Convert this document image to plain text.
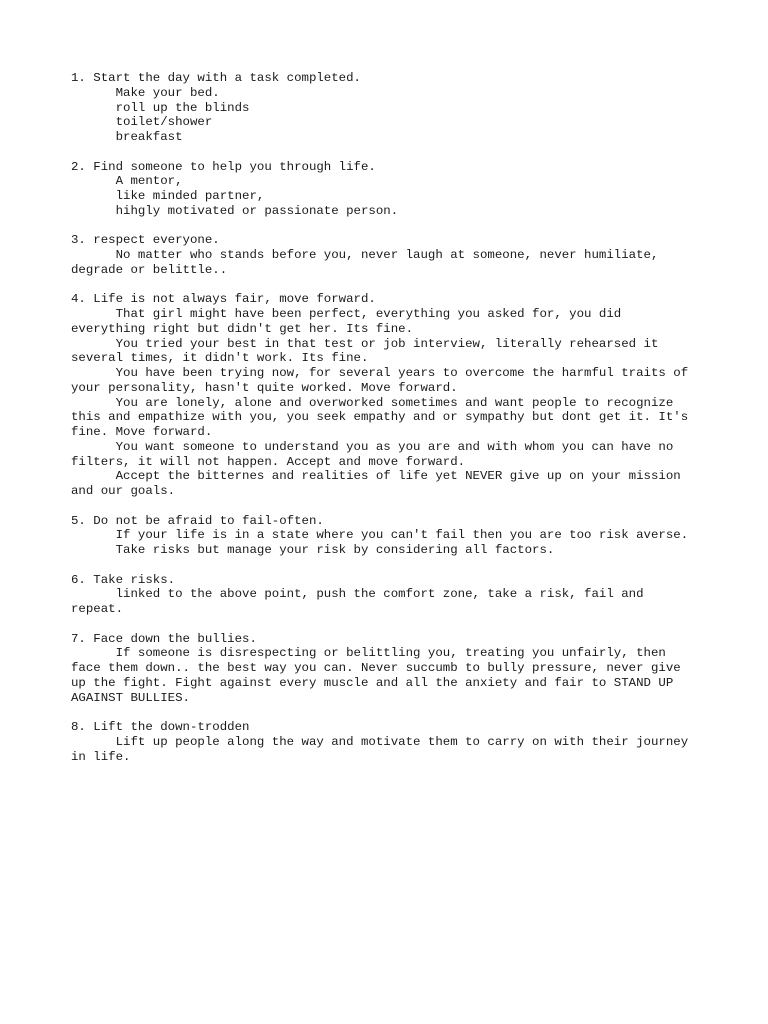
1. Start the day with a task completed.
Make your bed.
roll up the blinds
toilet/shower
breakfast
2. Find someone to help you through life.
A mentor,
like minded partner,
hihgly motivated or passionate person.
3. respect everyone.
No matter who stands before you, never laugh at someone, never humiliate,
degrade or belittle..
4. Life is not always fair, move forward.
That girl might have been perfect, everything you asked for, you did
everything right but didn't get her. Its fine.
You tried your best in that test or job interview, literally rehearsed it
several times, it didn't work. Its fine.
You have been trying now, for several years to overcome the harmful traits of
your personality, hasn't quite worked. Move forward.
You are lonely, alone and overworked sometimes and want people to recognize
this and empathize with you, you seek empathy and or sympathy but dont get it. It's
fine. Move forward.
You want someone to understand you as you are and with whom you can have no
filters, it will not happen. Accept and move forward.
Accept the bitternes and realities of life yet NEVER give up on your mission
and our goals.
5. Do not be afraid to fail-often.
If your life is in a state where you can't fail then you are too risk averse.
Take risks but manage your risk by considering all factors.
6. Take risks.
linked to the above point, push the comfort zone, take a risk, fail and
repeat.
7. Face down the bullies.
If someone is disrespecting or belittling you, treating you unfairly, then
face them down.. the best way you can. Never succumb to bully pressure, never give
up the fight. Fight against every muscle and all the anxiety and fair to STAND UP
AGAINST BULLIES.
8. Lift the down-trodden
Lift up people along the way and motivate them to carry on with their journey
in life.
